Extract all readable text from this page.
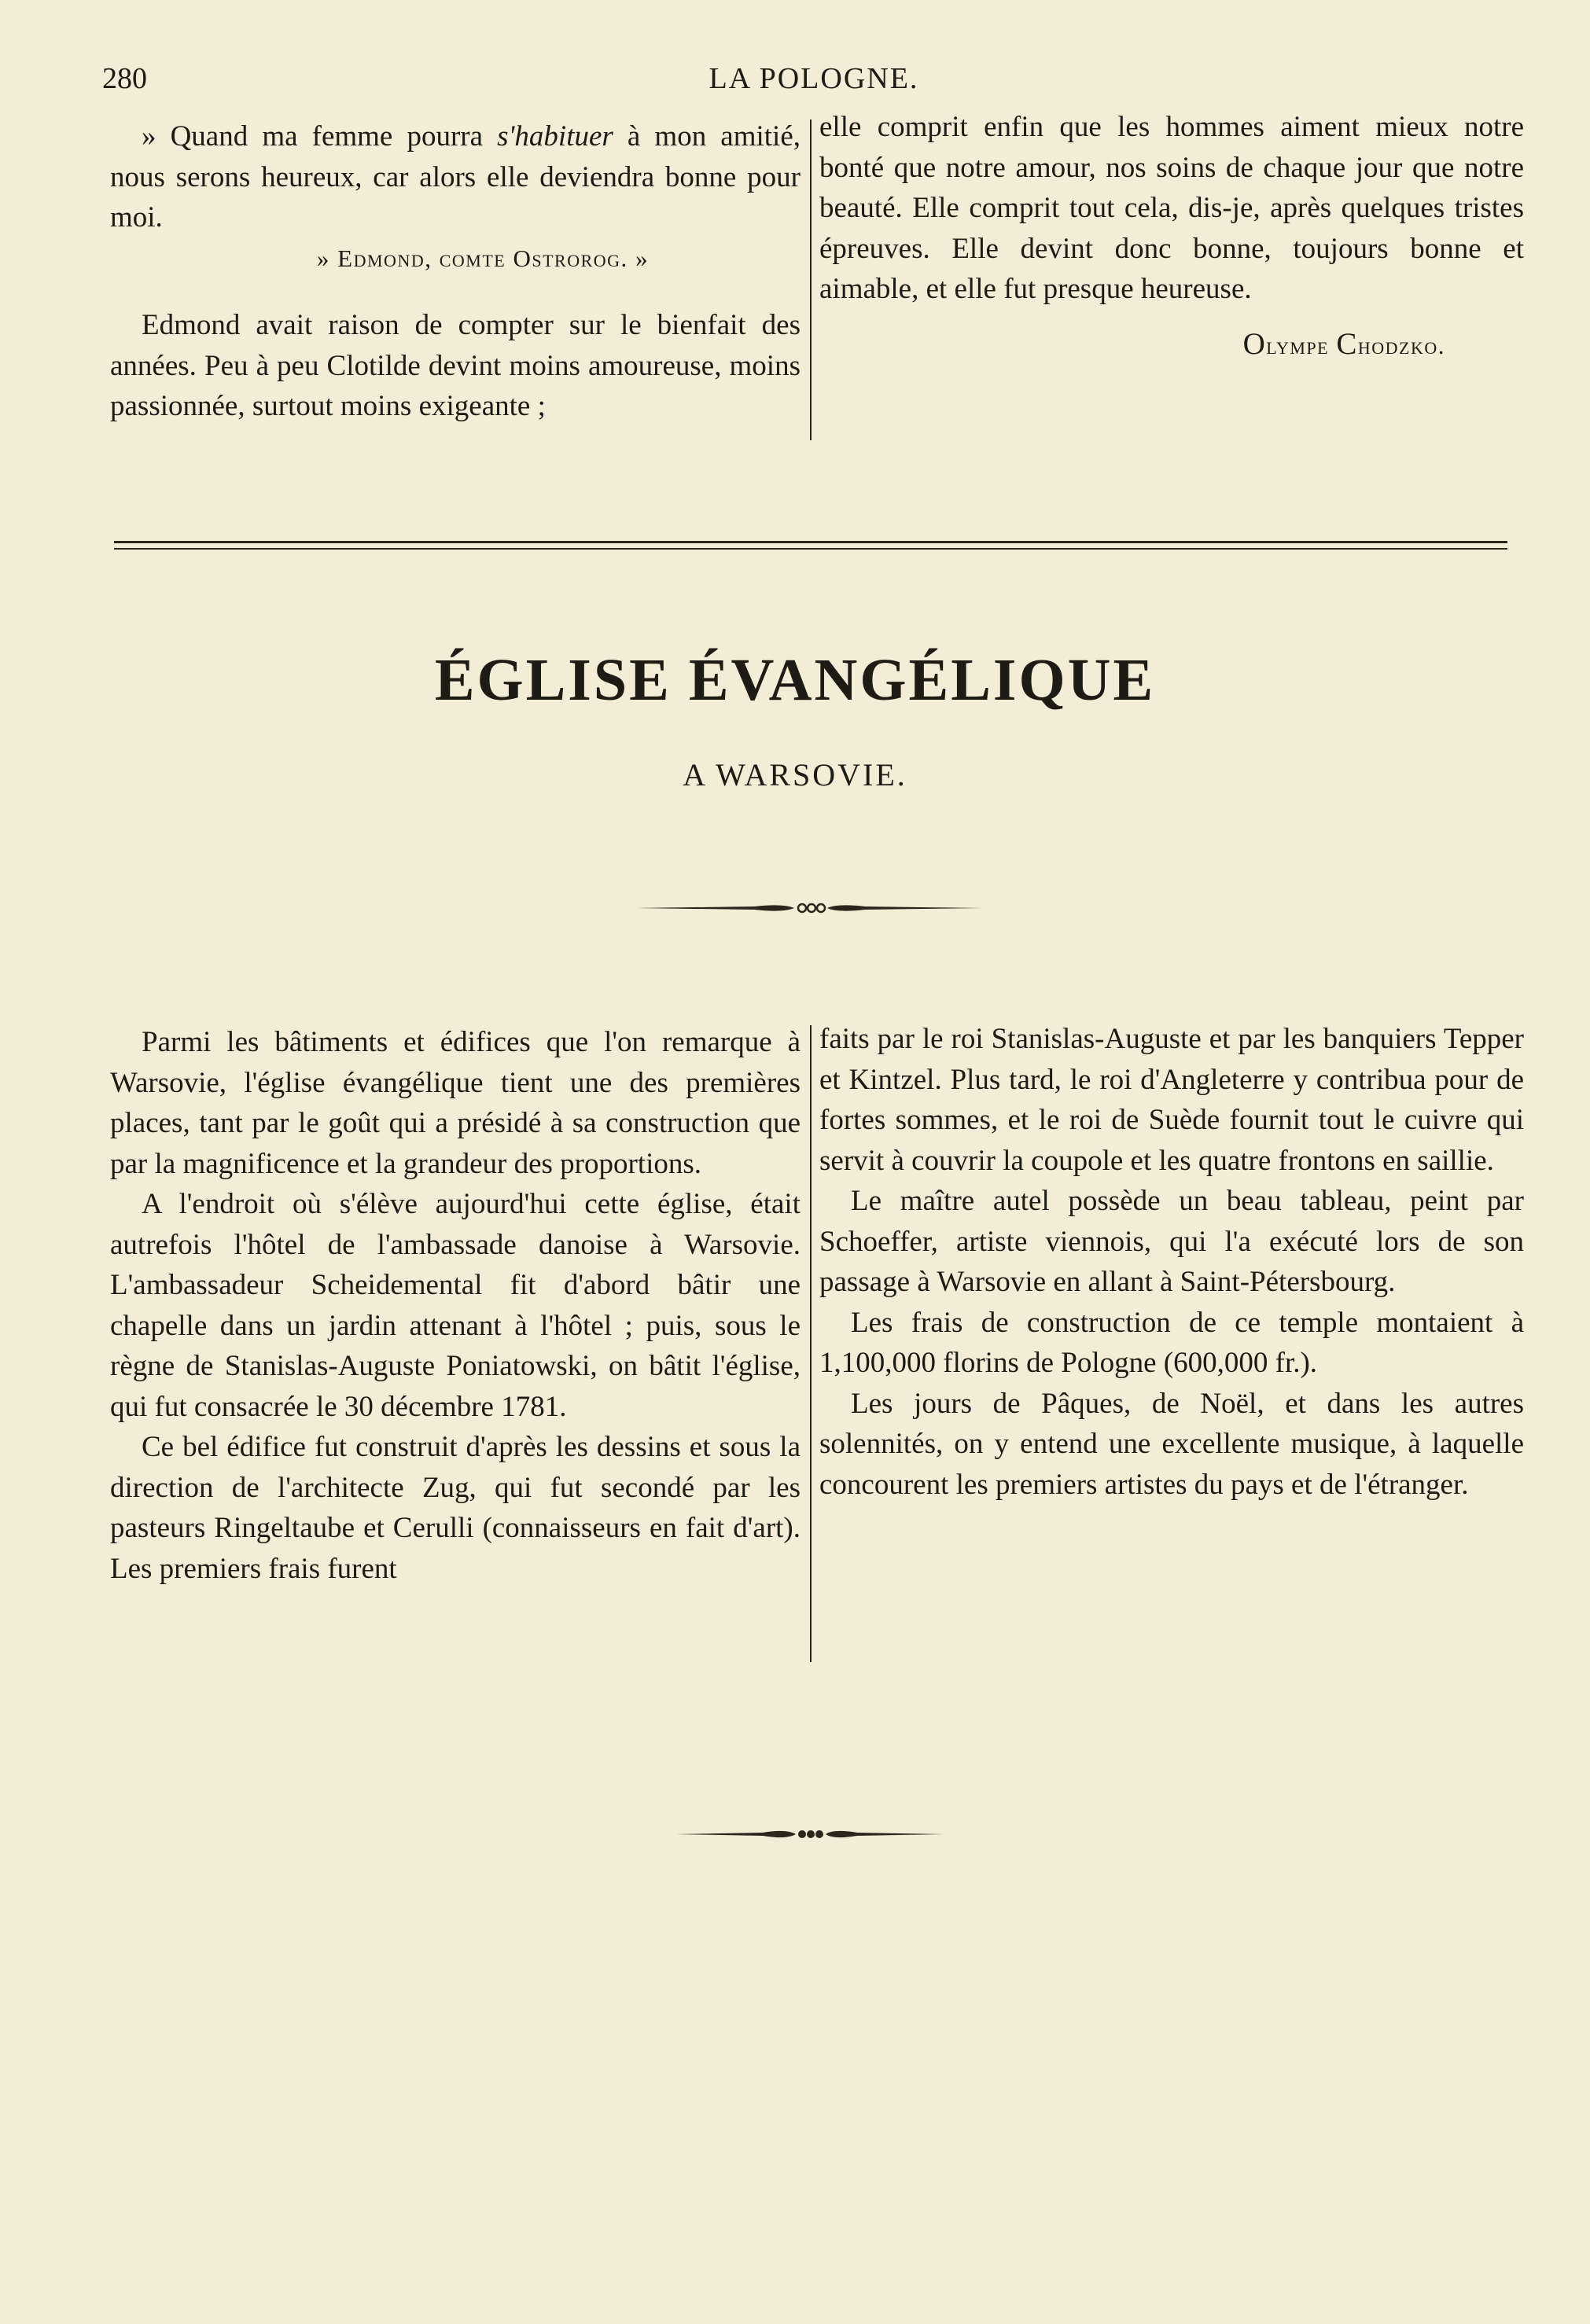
280	LA POLOGNE.

» Quand ma femme pourra s'habituer à mon amitié, nous serons heureux, car alors elle deviendra bonne pour moi.

» Edmond, comte Ostrorog. »

Edmond avait raison de compter sur le bienfait des années. Peu à peu Clotilde devint moins amoureuse, moins passionnée, surtout moins exigeante ;

elle comprit enfin que les hommes aiment mieux notre bonté que notre amour, nos soins de chaque jour que notre beauté. Elle comprit tout cela, dis-je, après quelques tristes épreuves. Elle devint donc bonne, toujours bonne et aimable, et elle fut presque heureuse.

Olympe Chodzko.

ÉGLISE ÉVANGÉLIQUE
A WARSOVIE.

Parmi les bâtiments et édifices que l'on remarque à Warsovie, l'église évangélique tient une des premières places, tant par le goût qui a présidé à sa construction que par la magnificence et la grandeur des proportions.

A l'endroit où s'élève aujourd'hui cette église, était autrefois l'hôtel de l'ambassade danoise à Warsovie. L'ambassadeur Scheidemental fit d'abord bâtir une chapelle dans un jardin attenant à l'hôtel ; puis, sous le règne de Stanislas-Auguste Poniatowski, on bâtit l'église, qui fut consacrée le 30 décembre 1781.

Ce bel édifice fut construit d'après les dessins et sous la direction de l'architecte Zug, qui fut secondé par les pasteurs Ringeltaube et Cerulli (connaisseurs en fait d'art). Les premiers frais furent

faits par le roi Stanislas-Auguste et par les banquiers Tepper et Kintzel. Plus tard, le roi d'Angleterre y contribua pour de fortes sommes, et le roi de Suède fournit tout le cuivre qui servit à couvrir la coupole et les quatre frontons en saillie.

Le maître autel possède un beau tableau, peint par Schoeffer, artiste viennois, qui l'a exécuté lors de son passage à Warsovie en allant à Saint-Pétersbourg.

Les frais de construction de ce temple montaient à 1,100,000 florins de Pologne (600,000 fr.).

Les jours de Pâques, de Noël, et dans les autres solennités, on y entend une excellente musique, à laquelle concourent les premiers artistes du pays et de l'étranger.
